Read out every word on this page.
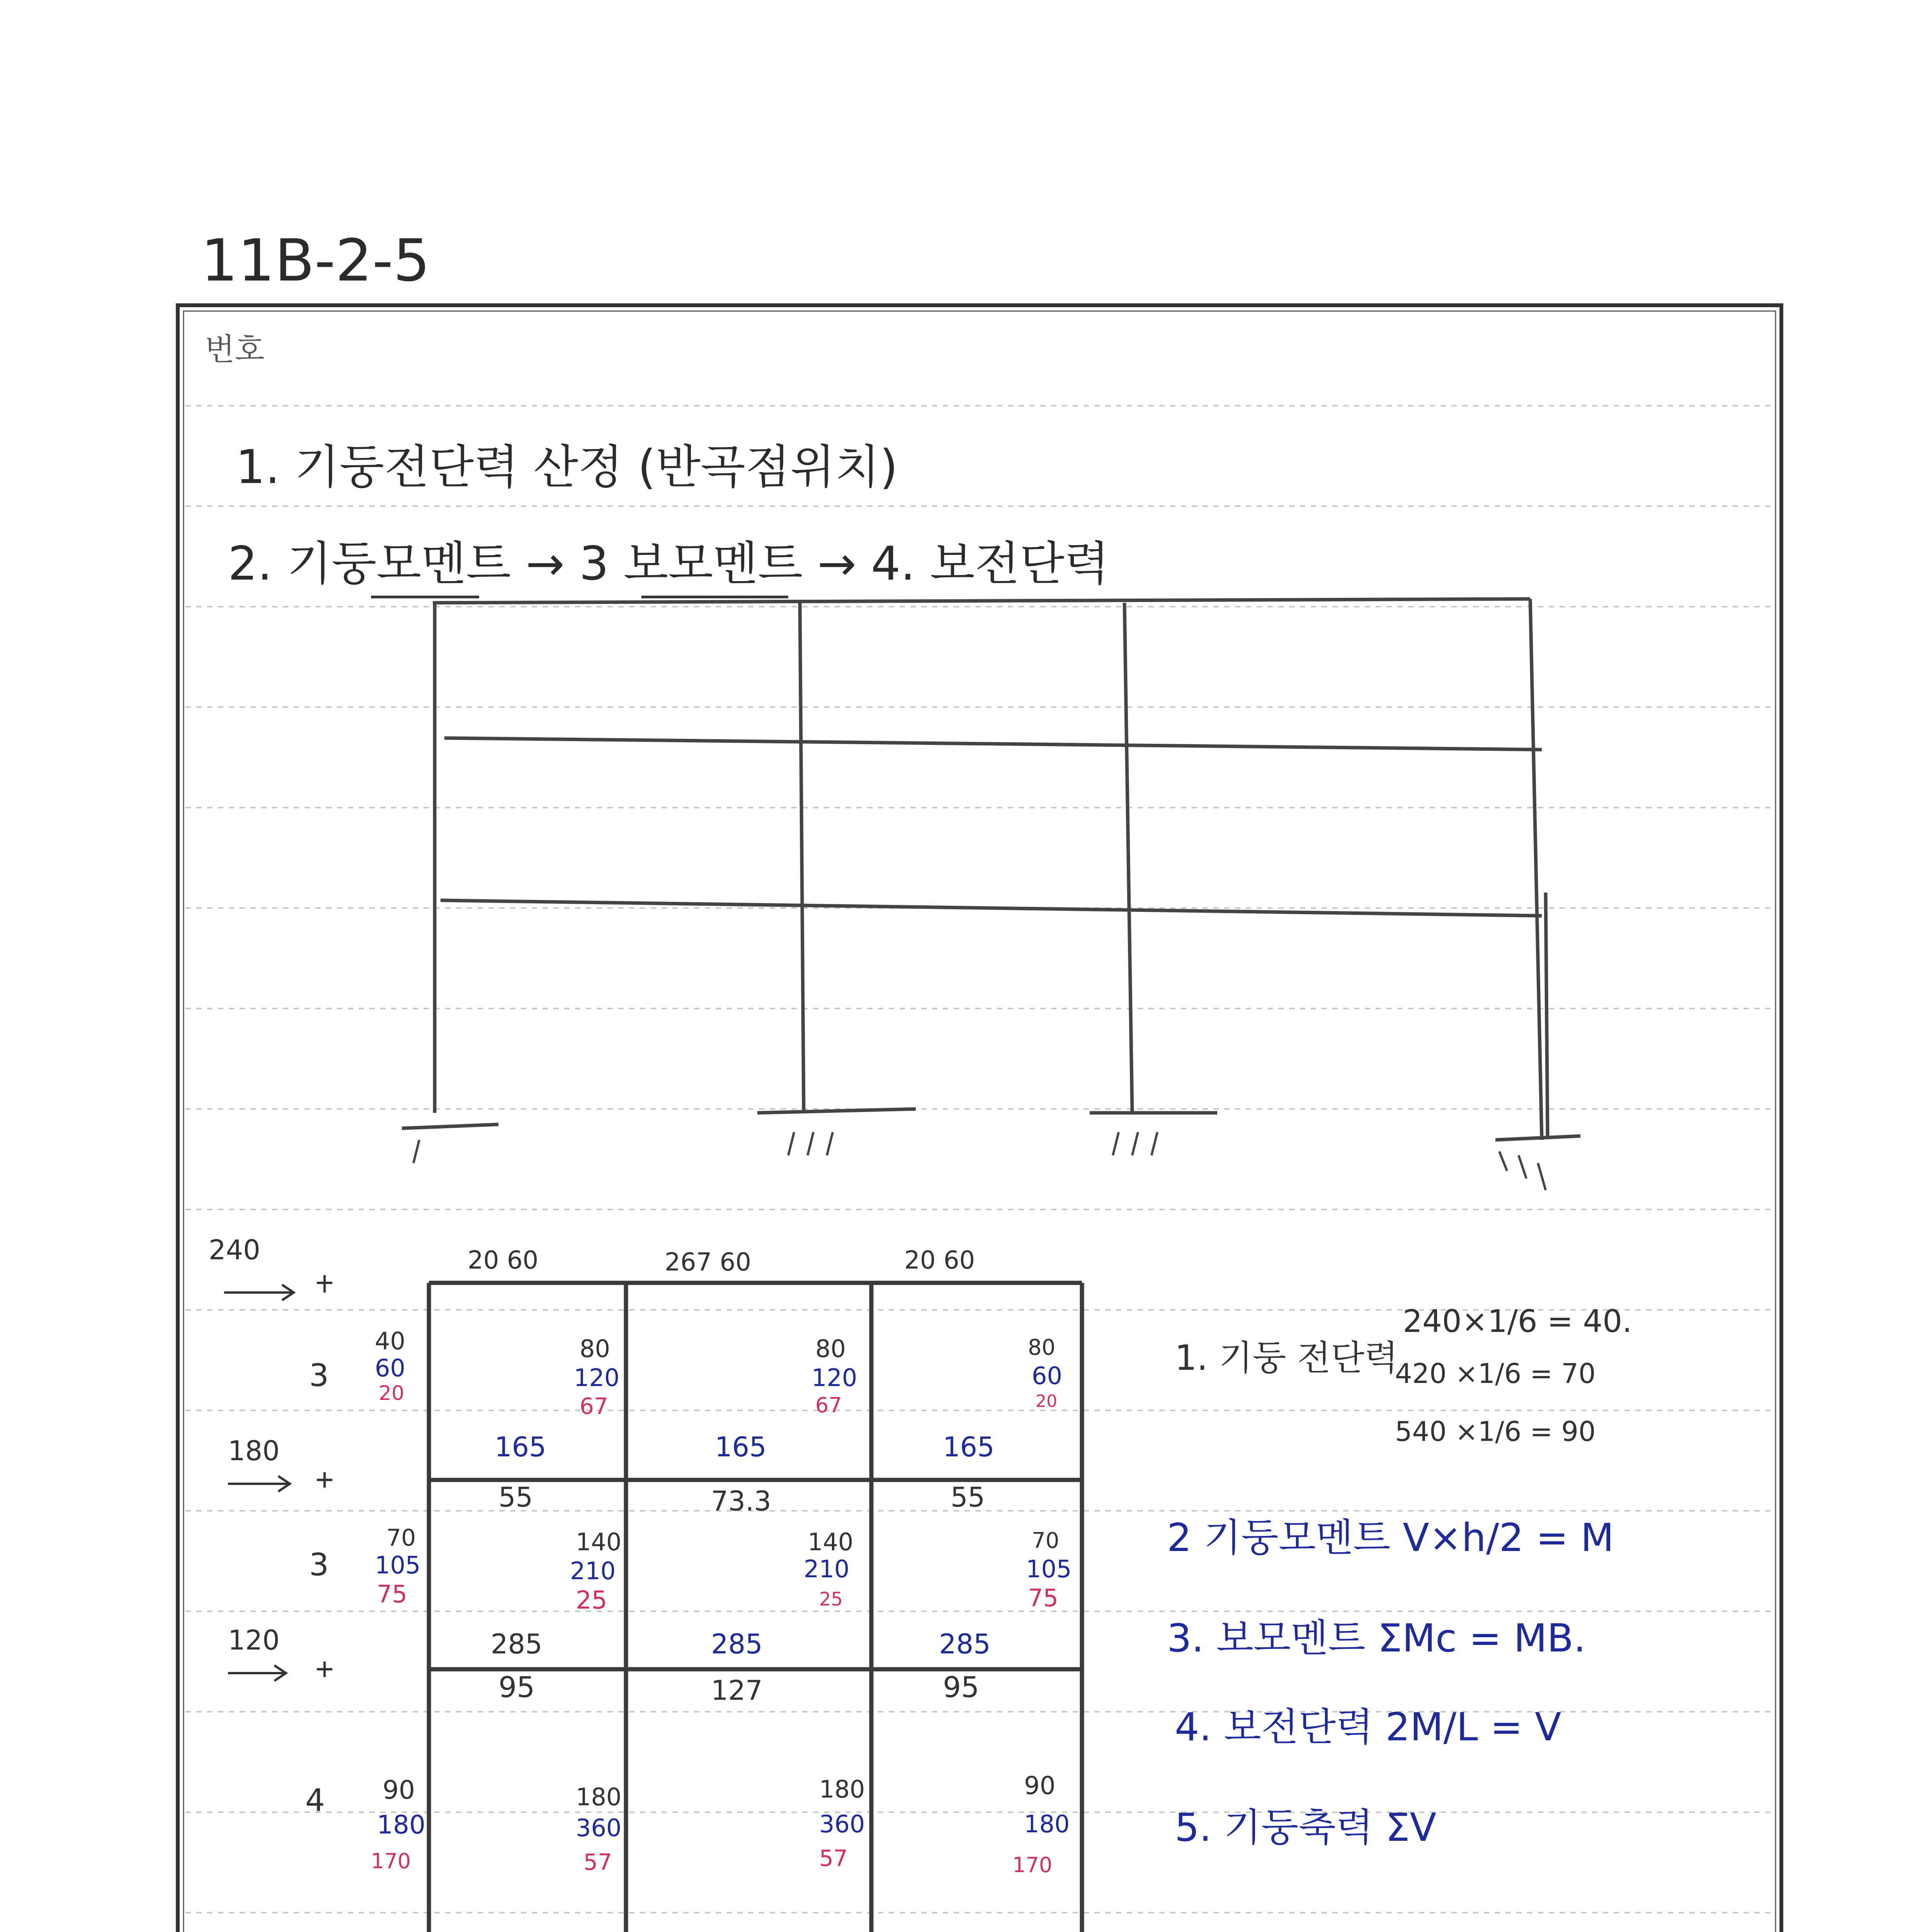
11B-2-5
번호
1. 기둥전단력 산정 (반곡점위치)
2. 기둥모멘트 → 3 보모멘트 → 4. 보전단력
240
180
120
3
3
4
20 60	267 60	20 60
40
60
20
80
120
67
80
120
67
80
60
20
165
55
165
73.3
165
55
70
105
75
140
210
25
140
210
25
70
105
75
285
95
285
127
285
95
90
180
170
180
360
57
180
360
57
90
180
170
1. 기둥 전단력
240×1/6 = 40.
420 ×1/6 = 70
540 ×1/6 = 90
2 기둥모멘트 V×h/2 = M
3. 보모멘트 ΣMc = MB.
4. 보전단력 2M/L = V
5. 기둥축력 ΣV
